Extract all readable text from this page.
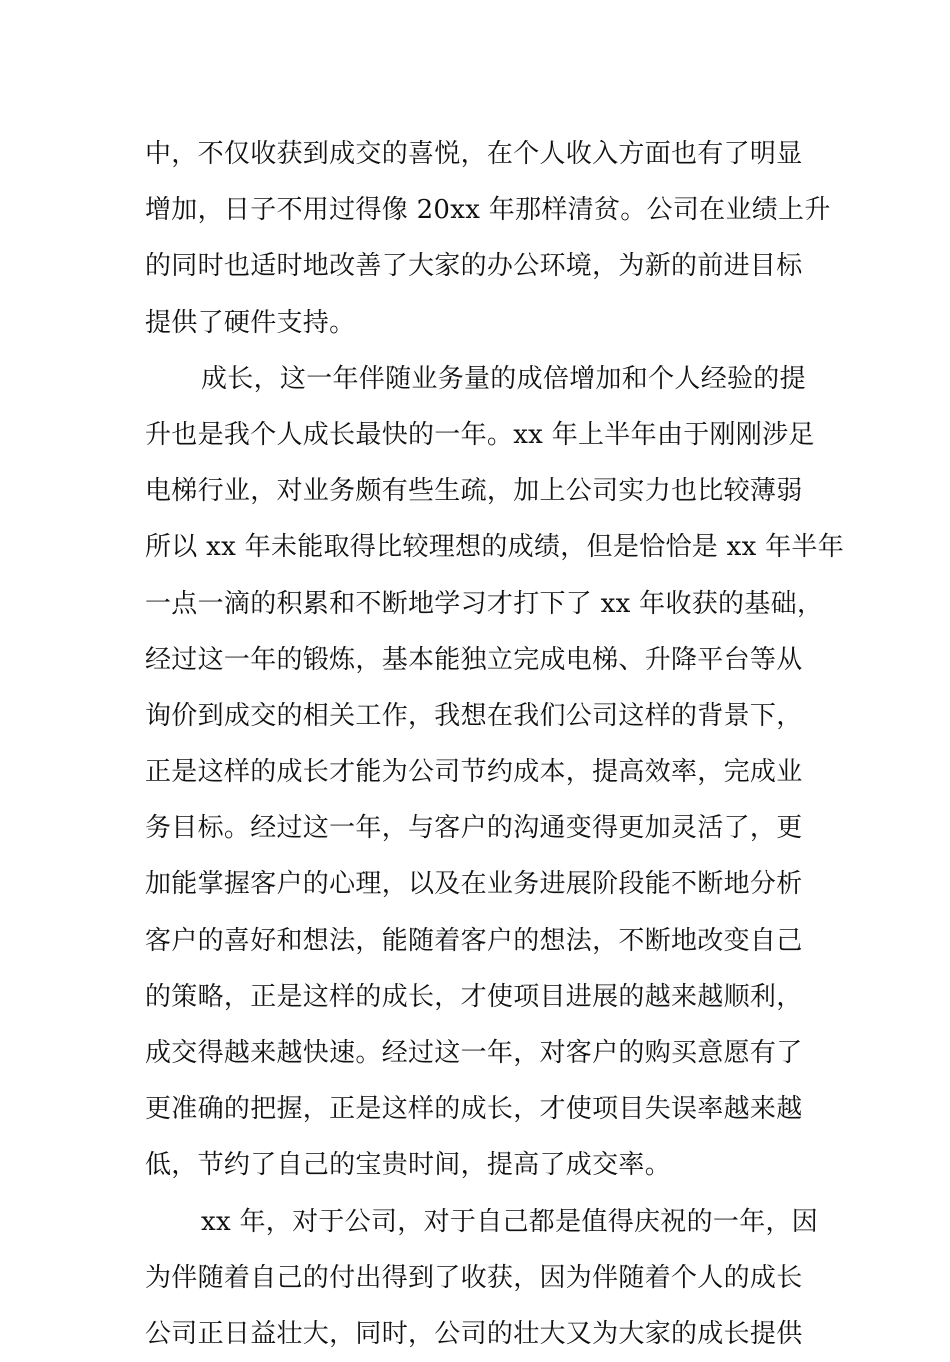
中，不仅收获到成交的喜悦，在个人收入方面也有了明显
增加，日子不用过得像 20xx 年那样清贫。公司在业绩上升
的同时也适时地改善了大家的办公环境，为新的前进目标
提供了硬件支持。
成长，这一年伴随业务量的成倍增加和个人经验的提
升也是我个人成长最快的一年。xx 年上半年由于刚刚涉足
电梯行业，对业务颇有些生疏，加上公司实力也比较薄弱
所以 xx 年未能取得比较理想的成绩，但是恰恰是 xx 年半年
一点一滴的积累和不断地学习才打下了 xx 年收获的基础，
经过这一年的锻炼，基本能独立完成电梯、升降平台等从
询价到成交的相关工作，我想在我们公司这样的背景下，
正是这样的成长才能为公司节约成本，提高效率，完成业
务目标。经过这一年，与客户的沟通变得更加灵活了，更
加能掌握客户的心理，以及在业务进展阶段能不断地分析
客户的喜好和想法，能随着客户的想法，不断地改变自己
的策略，正是这样的成长，才使项目进展的越来越顺利，
成交得越来越快速。经过这一年，对客户的购买意愿有了
更准确的把握，正是这样的成长，才使项目失误率越来越
低，节约了自己的宝贵时间，提高了成交率。
xx 年，对于公司，对于自己都是值得庆祝的一年，因
为伴随着自己的付出得到了收获，因为伴随着个人的成长
公司正日益壮大，同时，公司的壮大又为大家的成长提供
